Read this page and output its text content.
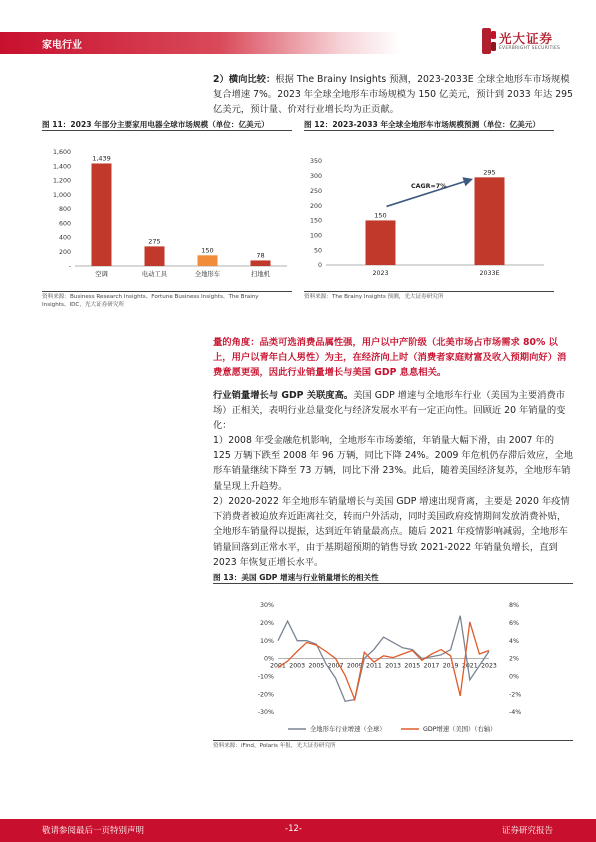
家电行业	光大证券
EVERBRIGHT SECURITIES

2）横向比较：根据 The Brainy Insights 预测，2023-2033E 全球全地形车市场规模复合增速 7%。2023 年全球全地形车市场规模为 150 亿美元，预计到 2033 年达 295 亿美元，预计量、价对行业增长均为正贡献。

图 11：2023 年部分主要家用电器全球市场规模（单位：亿美元）
-
200
400
600
800
1,000
1,200
1,400
1,600
1,439
空调
275
电动工具
150
全地形车
78
扫地机
资料来源：Business Research Insights、Fortune Business Insights、The Brainy Insights、IDC，光大证券研究所
图 12：2023-2033 年全球全地形车市场规模预测（单位：亿美元）
0
50
100
150
200
250
300
350
150
2023
295
2033E
CAGR=7%
资料来源：The Brainy Insights 预测，光大证券研究所

量的角度：品类可选消费品属性强，用户以中产阶级（北美市场占市场需求 80% 以上，用户以青年白人男性）为主，在经济向上时（消费者家庭财富及收入预期向好）消费意愿更强，因此行业销量增长与美国 GDP 息息相关。

行业销量增长与 GDP 关联度高。美国 GDP 增速与全地形车行业（美国为主要消费市场）正相关，表明行业总量变化与经济发展水平有一定正向性。回顾近 20 年销量的变化：

1）2008 年受金融危机影响，全地形车市场萎缩，年销量大幅下滑，由 2007 年的 125 万辆下跌至 2008 年 96 万辆，同比下降 24%。2009 年危机仍存滞后效应，全地形车销量继续下降至 73 万辆，同比下滑 23%。此后，随着美国经济复苏，全地形车销量呈现上升趋势。

2）2020-2022 年全地形车销量增长与美国 GDP 增速出现背离，主要是 2020 年疫情下消费者被迫放弃近距离社交，转而户外活动，同时美国政府疫情期间发放消费补贴，全地形车销量得以提振，达到近年销量最高点。随后 2021 年疫情影响减弱，全地形车销量回落到正常水平，由于基期超预期的销售导致 2021-2022 年销量负增长，直到 2023 年恢复正增长水平。

图 13：美国 GDP 增速与行业销量增长的相关性
-30%
-20%
-10%
0%
10%
20%
30%
-4%
-2%
0%
2%
4%
6%
8%
2001 2003 2005 2007 2009 2011 2013 2015 2017 2019 2021 2023
全地形车行业增速（全球）	GDP增速（美国）（右轴）
资料来源：iFind，Polaris 年报，光大证券研究所
敬请参阅最后一页特别声明	-12-	证券研究报告
